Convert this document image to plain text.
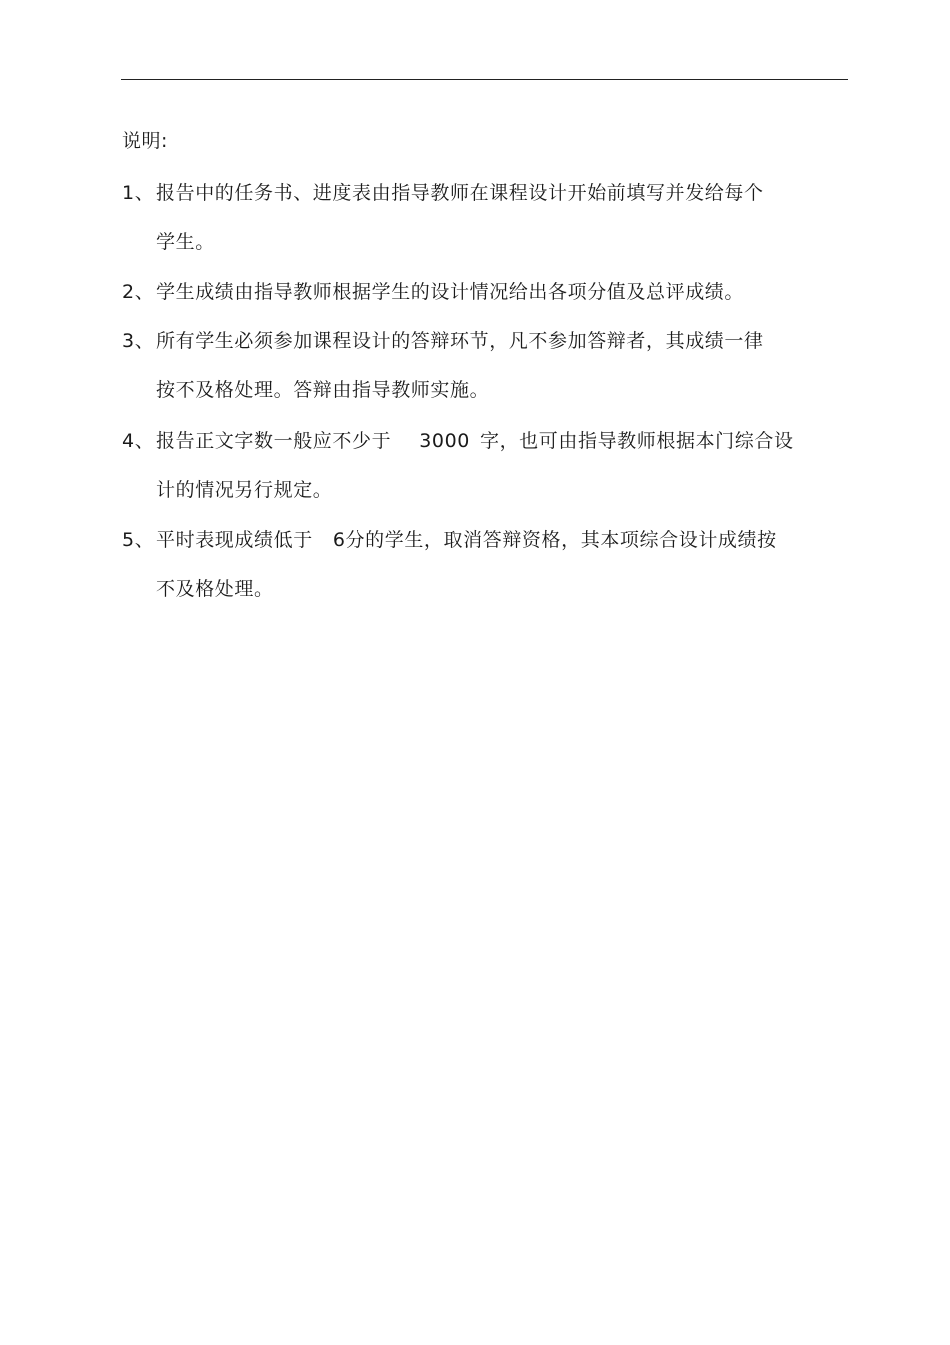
说明:
1、 报告中的任务书、进度表由指导教师在课程设计开始前填写并发给每个
学生。
2、 学生成绩由指导教师根据学生的设计情况给出各项分值及总评成绩。
3、 所有学生必须参加课程设计的答辩环节，凡不参加答辩者，其成绩一律
按不及格处理。答辩由指导教师实施。
4、 报告正文字数一般应不少于 3000 字，也可由指导教师根据本门综合设
计的情况另行规定。
5、 平时表现成绩低于 6 分的学生，取消答辩资格，其本项综合设计成绩按
不及格处理。
